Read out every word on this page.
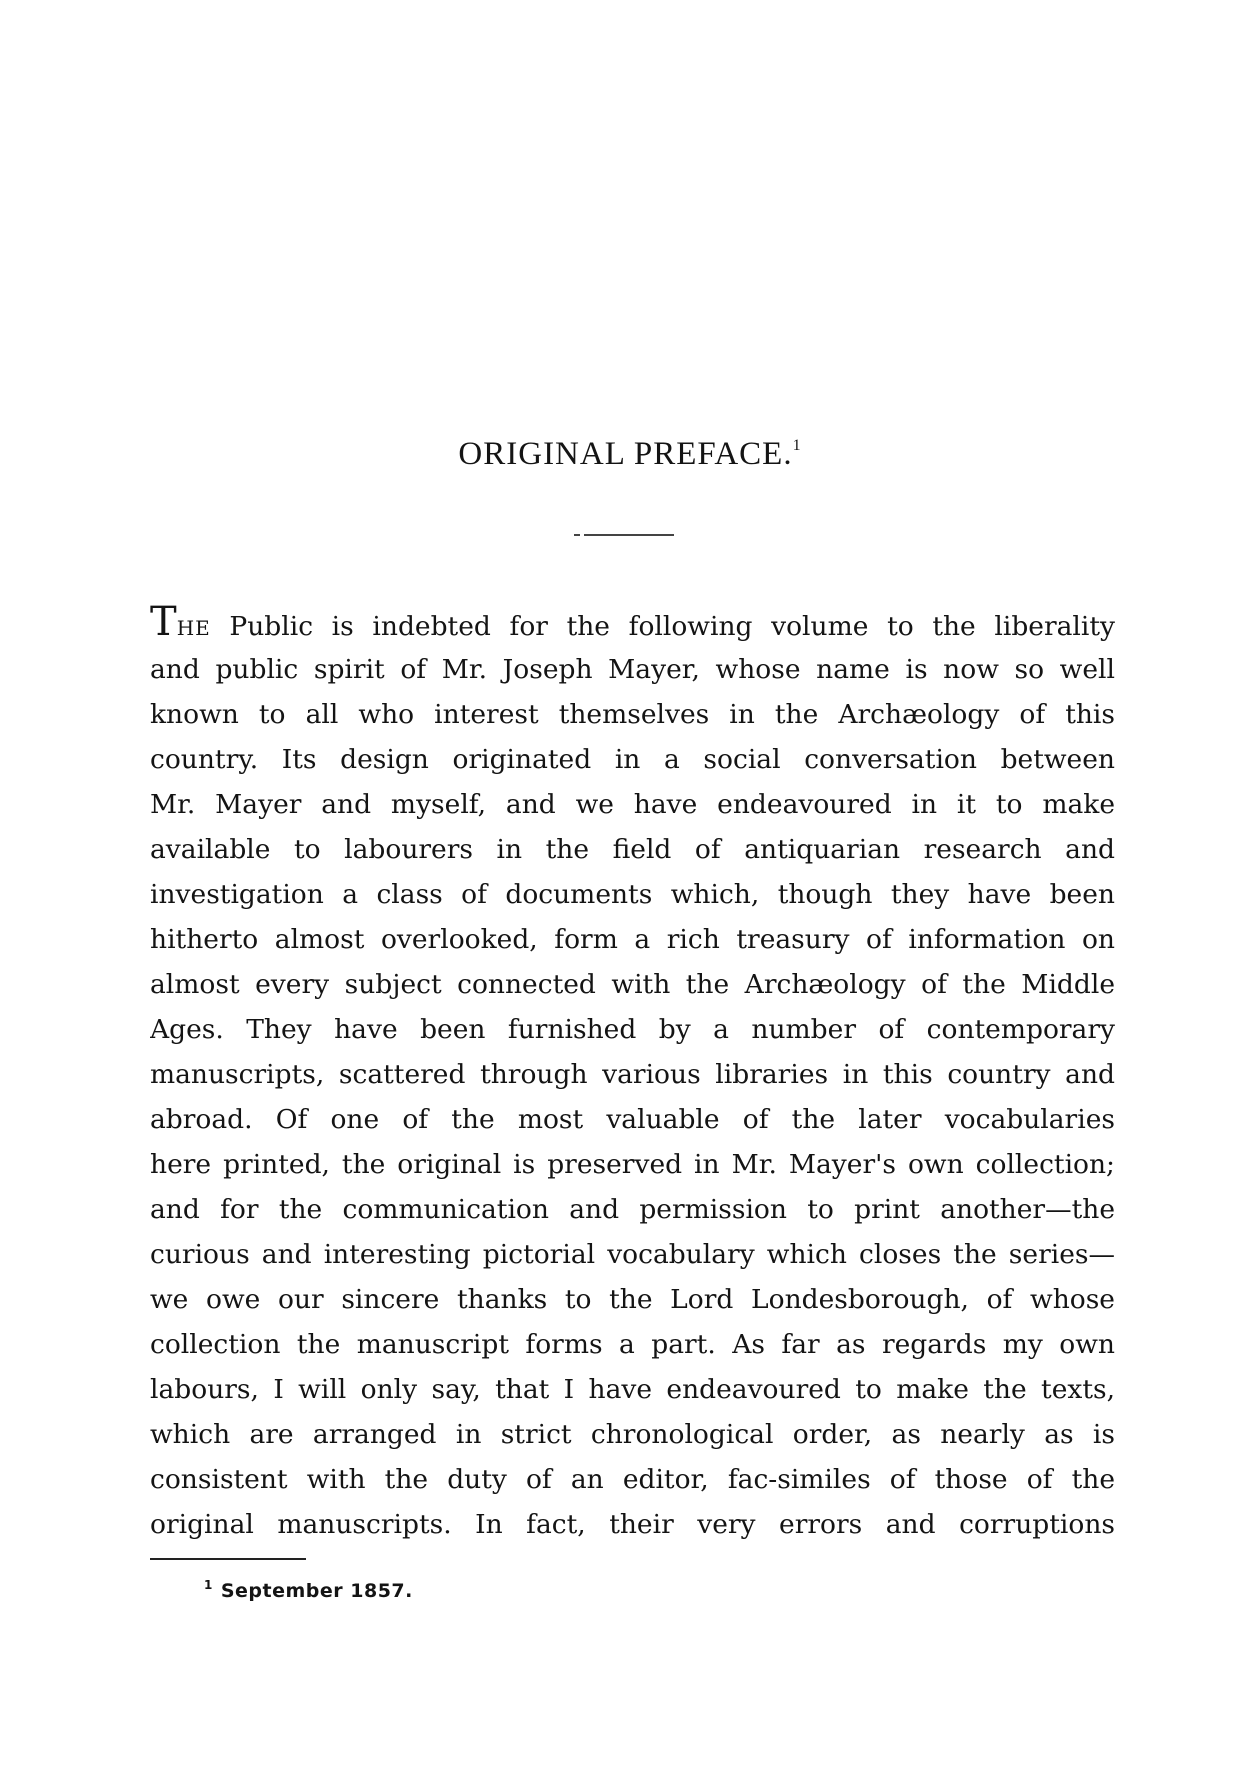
ORIGINAL PREFACE.$^1$
THE Public is indebted for the following volume to the liberality
and public spirit of Mr. Joseph Mayer, whose name is now so well
known to all who interest themselves in the Archæology of this
country. Its design originated in a social conversation between
Mr. Mayer and myself, and we have endeavoured in it to make
available to labourers in the field of antiquarian research and
investigation a class of documents which, though they have been
hitherto almost overlooked, form a rich treasury of information on
almost every subject connected with the Archæology of the Middle
Ages. They have been furnished by a number of contemporary
manuscripts, scattered through various libraries in this country and
abroad. Of one of the most valuable of the later vocabularies
here printed, the original is preserved in Mr. Mayer's own collection;
and for the communication and permission to print another—the
curious and interesting pictorial vocabulary which closes the series—
we owe our sincere thanks to the Lord Londesborough, of whose
collection the manuscript forms a part. As far as regards my own
labours, I will only say, that I have endeavoured to make the texts,
which are arranged in strict chronological order, as nearly as is
consistent with the duty of an editor, fac-similes of those of the
original manuscripts. In fact, their very errors and corruptions
$^1$ September 1857.
